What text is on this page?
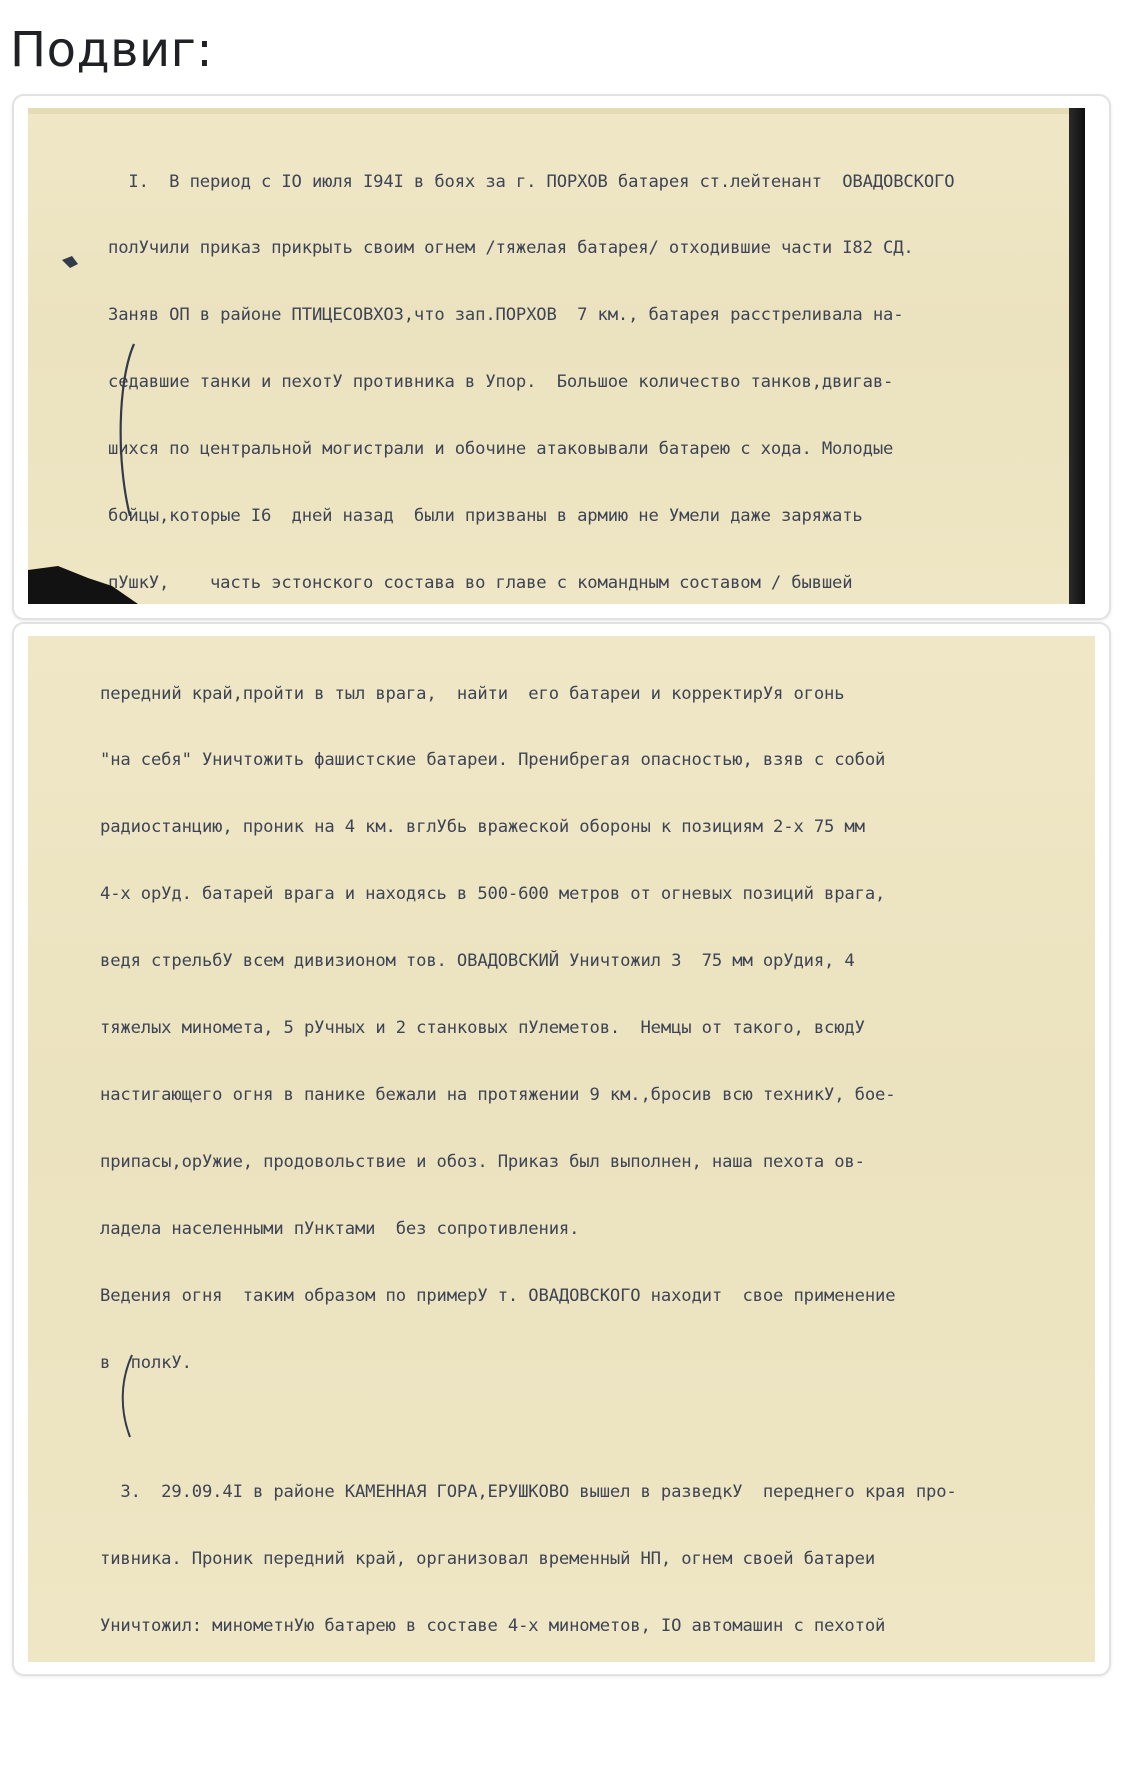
Подвиг:

I.  В период с IO июля I94I в боях за г. ПОРХОВ батарея ст.лейтенант  ОВАДОВСКОГО

полУчили приказ прикрыть своим огнем /тяжелая батарея/ отходившие части I82 СД.

Заняв ОП в районе ПТИЦЕСОВХОЗ,что зап.ПОРХОВ  7 км., батарея расстреливала на-

седавшие танки и пехотУ противника в Упор.  Большое количество танков,двигав-

шихся по центральной могистрали и обочине атаковывали батарею с хода. Молодые

бойцы,которые I6  дней назад  были призваны в армию не Умели даже заряжать

пУшкУ,    часть эстонского состава во главе с командным составом / бывшей

передний край,пройти в тыл врага,  найти  его батареи и корректирУя огонь

"на себя" Уничтожить фашистские батареи. Пренибрегая опасностью, взяв с собой

радиостанцию, проник на 4 км. вглУбь вражеской обороны к позициям 2-х 75 мм

4-х орУд. батарей врага и находясь в 500-600 метров от огневых позиций врага,

ведя стрельбУ всем дивизионом тов. ОВАДОВСКИЙ Уничтожил 3  75 мм орУдия, 4

тяжелых миномета, 5 рУчных и 2 станковых пУлеметов.  Немцы от такого, всюдУ

настигающего огня в панике бежали на протяжении 9 км.,бросив всю техникУ, бое-

припасы,орУжие, продовольствие и обоз. Приказ был выполнен, наша пехота ов-

ладела населенными пУнктами  без сопротивления.

Ведения огня  таким образом по примерУ т. ОВАДОВСКОГО находит  свое применение

в  полкУ.

3.  29.09.4I в районе КАМЕННАЯ ГОРА,ЕРУШКОВО вышел в разведкУ  переднего края про-

тивника. Проник передний край, организовал временный НП, огнем своей батареи

Уничтожил: минометнУю батарею в составе 4-х минометов, IO автомашин с пехотой
